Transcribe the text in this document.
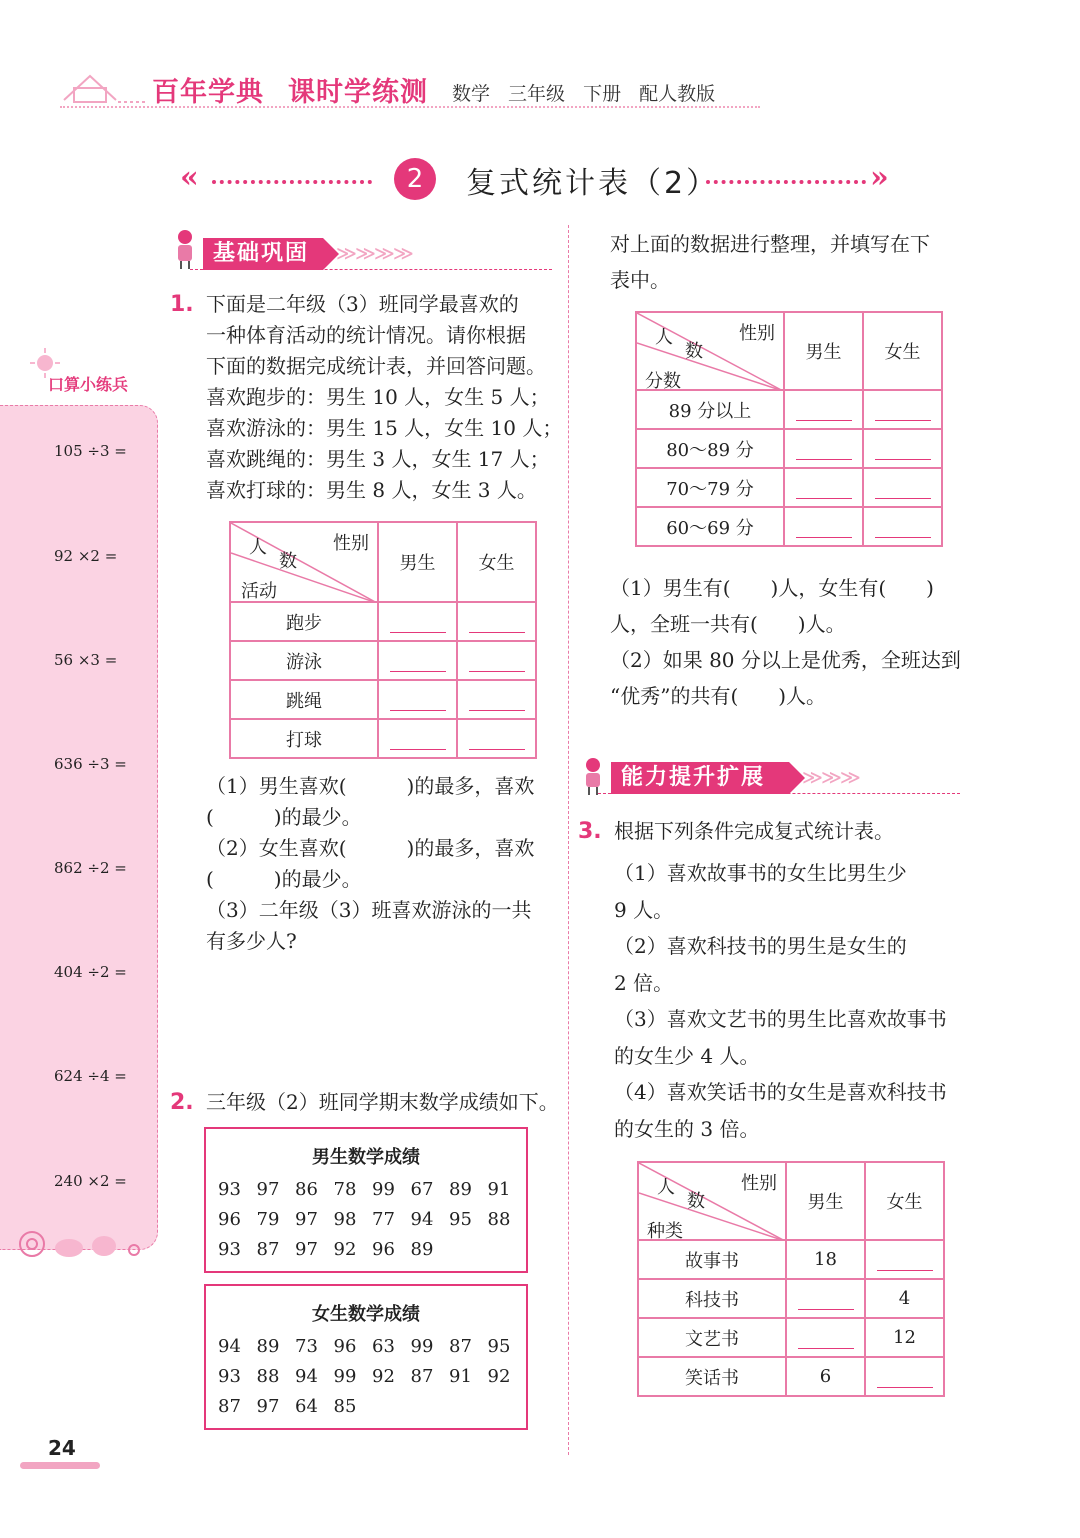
百年学典 课时学练测 数学 三年级 下册 配人教版
«	2	复式统计表（2）	»
口算小练兵
105 ÷3 =
92 ×2 =
56 ×3 =
636 ÷3 =
862 ÷2 =
404 ÷2 =
624 ÷4 =
240 ×2 =
基础巩固	≫≫≫≫
1. 下面是二年级（3）班同学最喜欢的
一种体育活动的统计情况。请你根据
下面的数据完成统计表，并回答问题。
喜欢跑步的：男生 10 人，女生 5 人；
喜欢游泳的：男生 15 人，女生 10 人；
喜欢跳绳的：男生 3 人，女生 17 人；
喜欢打球的：男生 8 人，女生 3 人。
性别
人
数
活动	男生	女生
跑步		
游泳		
跳绳		
打球		
（1）男生喜欢(　　　)的最多，喜欢
(　　　)的最少。
（2）女生喜欢(　　　)的最多，喜欢
(　　　)的最少。
（3）二年级（3）班喜欢游泳的一共
有多少人?
2. 三年级（2）班同学期末数学成绩如下。
男生数学成绩
93 97 86 78 99 67 89 91
96 79 97 98 77 94 95 88
93 87 97 92 96 89
女生数学成绩
94 89 73 96 63 99 87 95
93 88 94 99 92 87 91 92
87 97 64 85
对上面的数据进行整理，并填写在下
表中。
性别
人
数
分数	男生	女生
89 分以上		
80～89 分		
70～79 分		
60～69 分		
（1）男生有(　　)人，女生有(　　)
人，全班一共有(　　)人。
（2）如果 80 分以上是优秀，全班达到
“优秀”的共有(　　)人。
能力提升扩展	≫≫≫
3. 根据下列条件完成复式统计表。
（1）喜欢故事书的女生比男生少
9 人。
（2）喜欢科技书的男生是女生的
2 倍。
（3）喜欢文艺书的男生比喜欢故事书
的女生少 4 人。
（4）喜欢笑话书的女生是喜欢科技书
的女生的 3 倍。
性别
人
数
种类	男生	女生
故事书	18	
科技书		4
文艺书		12
笑话书	6	
24
